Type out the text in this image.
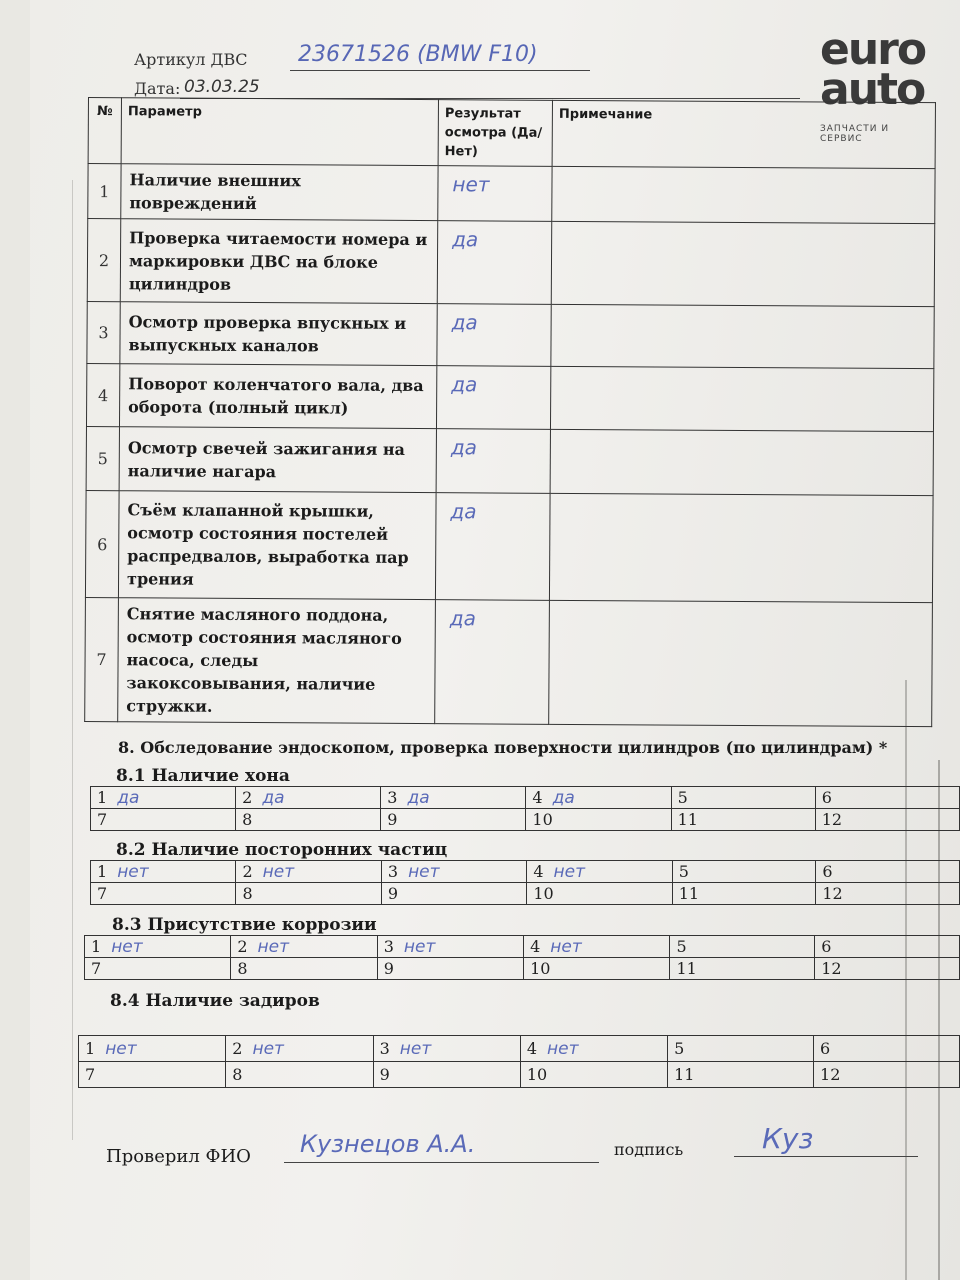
Артикул ДВС 23671526 (BMW F10)
Дата: 03.03.25
euro
auto
ЗАПЧАСТИ И СЕРВИС
№	Параметр	Результат осмотра (Да/Нет)	Примечание
1	Наличие внешних повреждений	нет	
2	Проверка читаемости номера и маркировки ДВС на блоке цилиндров	да	
3	Осмотр проверка впускных и выпускных каналов	да	
4	Поворот коленчатого вала, два оборота (полный цикл)	да	
5	Осмотр свечей зажигания на наличие нагара	да	
6	Съём клапанной крышки, осмотр состояния постелей распредвалов, выработка пар трения	да	
7	Снятие масляного поддона, осмотр состояния масляного насоса, следы закоксовывания, наличие стружки.	да	
8. Обследование эндоскопом, проверка поверхности цилиндров (по цилиндрам) *
8.1 Наличие хона
1 да	2 да	3 да	4 да	5	6
7	8	9	10	11	12
8.2 Наличие посторонних частиц
1 нет	2 нет	3 нет	4 нет	5	6
7	8	9	10	11	12
8.3 Присутствие коррозии
1 нет	2 нет	3 нет	4 нет	5	6
7	8	9	10	11	12
8.4 Наличие задиров
1 нет	2 нет	3 нет	4 нет	5	6
7	8	9	10	11	12
Проверил ФИО Кузнецов А.А.	подпись	Куз
